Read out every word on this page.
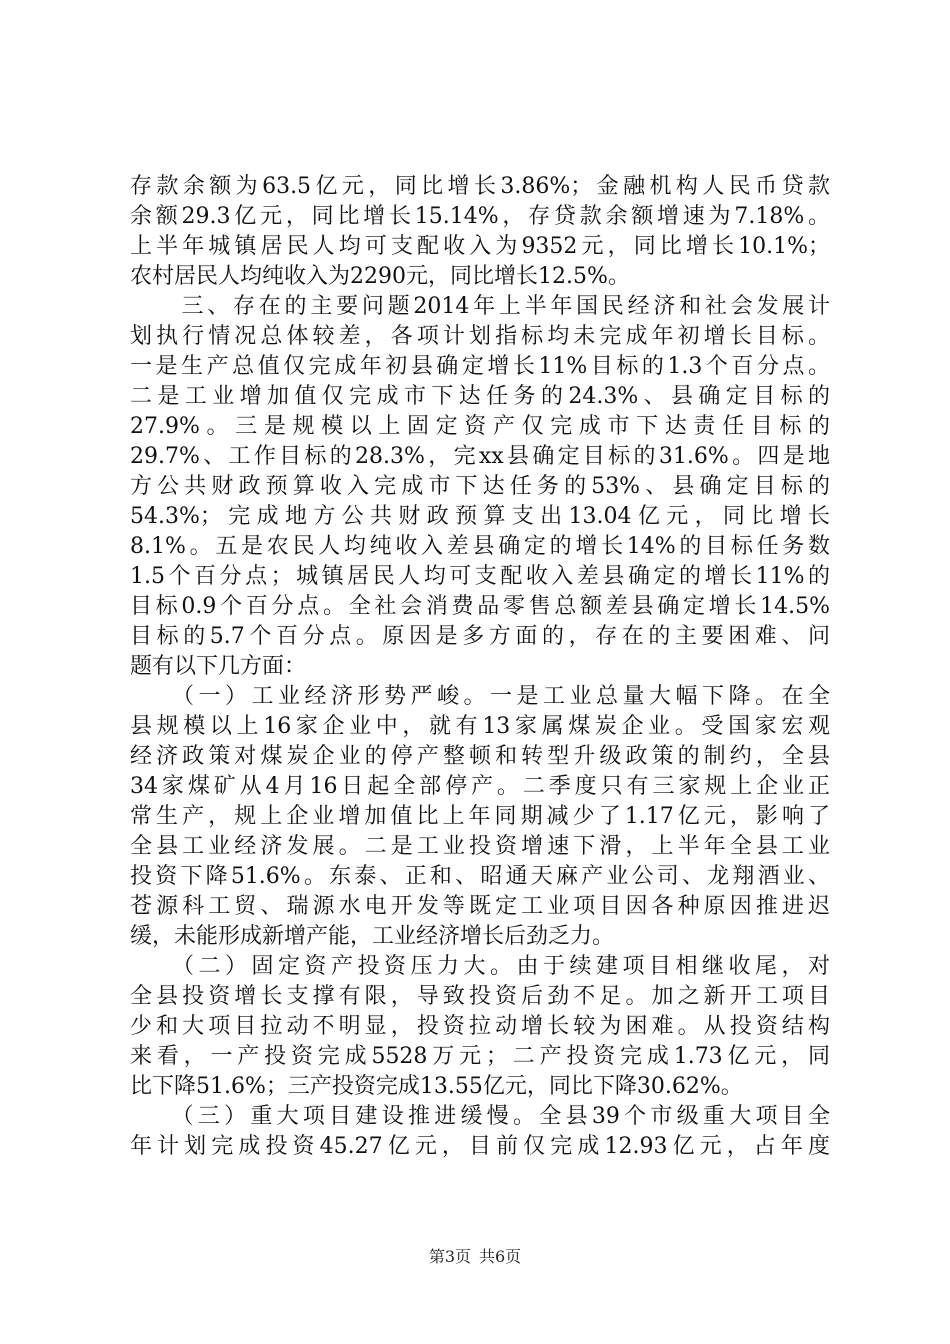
存款余额为63.5亿元，同比增长3.86%；金融机构人民币贷款
余额29.3亿元，同比增长15.14%，存贷款余额增速为7.18%。
上半年城镇居民人均可支配收入为9352元，同比增长10.1%；
农村居民人均纯收入为2290元，同比增长12.5%。
　　三、存在的主要问题2014年上半年国民经济和社会发展计
划执行情况总体较差，各项计划指标均未完成年初增长目标。
一是生产总值仅完成年初县确定增长11%目标的1.3个百分点。
二是工业增加值仅完成市下达任务的24.3%、县确定目标的
27.9%。三是规模以上固定资产仅完成市下达责任目标的
29.7%、工作目标的28.3%，完xx县确定目标的31.6%。四是地
方公共财政预算收入完成市下达任务的53%、县确定目标的
54.3%；完成地方公共财政预算支出13.04亿元，同比增长
8.1%。五是农民人均纯收入差县确定的增长14%的目标任务数
1.5个百分点；城镇居民人均可支配收入差县确定的增长11%的
目标0.9个百分点。全社会消费品零售总额差县确定增长14.5%
目标的5.7个百分点。原因是多方面的，存在的主要困难、问
题有以下几方面：
　　（一）工业经济形势严峻。一是工业总量大幅下降。在全
县规模以上16家企业中，就有13家属煤炭企业。受国家宏观
经济政策对煤炭企业的停产整顿和转型升级政策的制约，全县
34家煤矿从4月16日起全部停产。二季度只有三家规上企业正
常生产，规上企业增加值比上年同期减少了1.17亿元，影响了
全县工业经济发展。二是工业投资增速下滑，上半年全县工业
投资下降51.6%。东泰、正和、昭通天麻产业公司、龙翔酒业、
苍源科工贸、瑞源水电开发等既定工业项目因各种原因推进迟
缓，未能形成新增产能，工业经济增长后劲乏力。
　　（二）固定资产投资压力大。由于续建项目相继收尾，对
全县投资增长支撑有限，导致投资后劲不足。加之新开工项目
少和大项目拉动不明显，投资拉动增长较为困难。从投资结构
来看，一产投资完成5528万元；二产投资完成1.73亿元，同
比下降51.6%；三产投资完成13.55亿元，同比下降30.62%。
　　（三）重大项目建设推进缓慢。全县39个市级重大项目全
年计划完成投资45.27亿元，目前仅完成12.93亿元，占年度
第3页 共6页
